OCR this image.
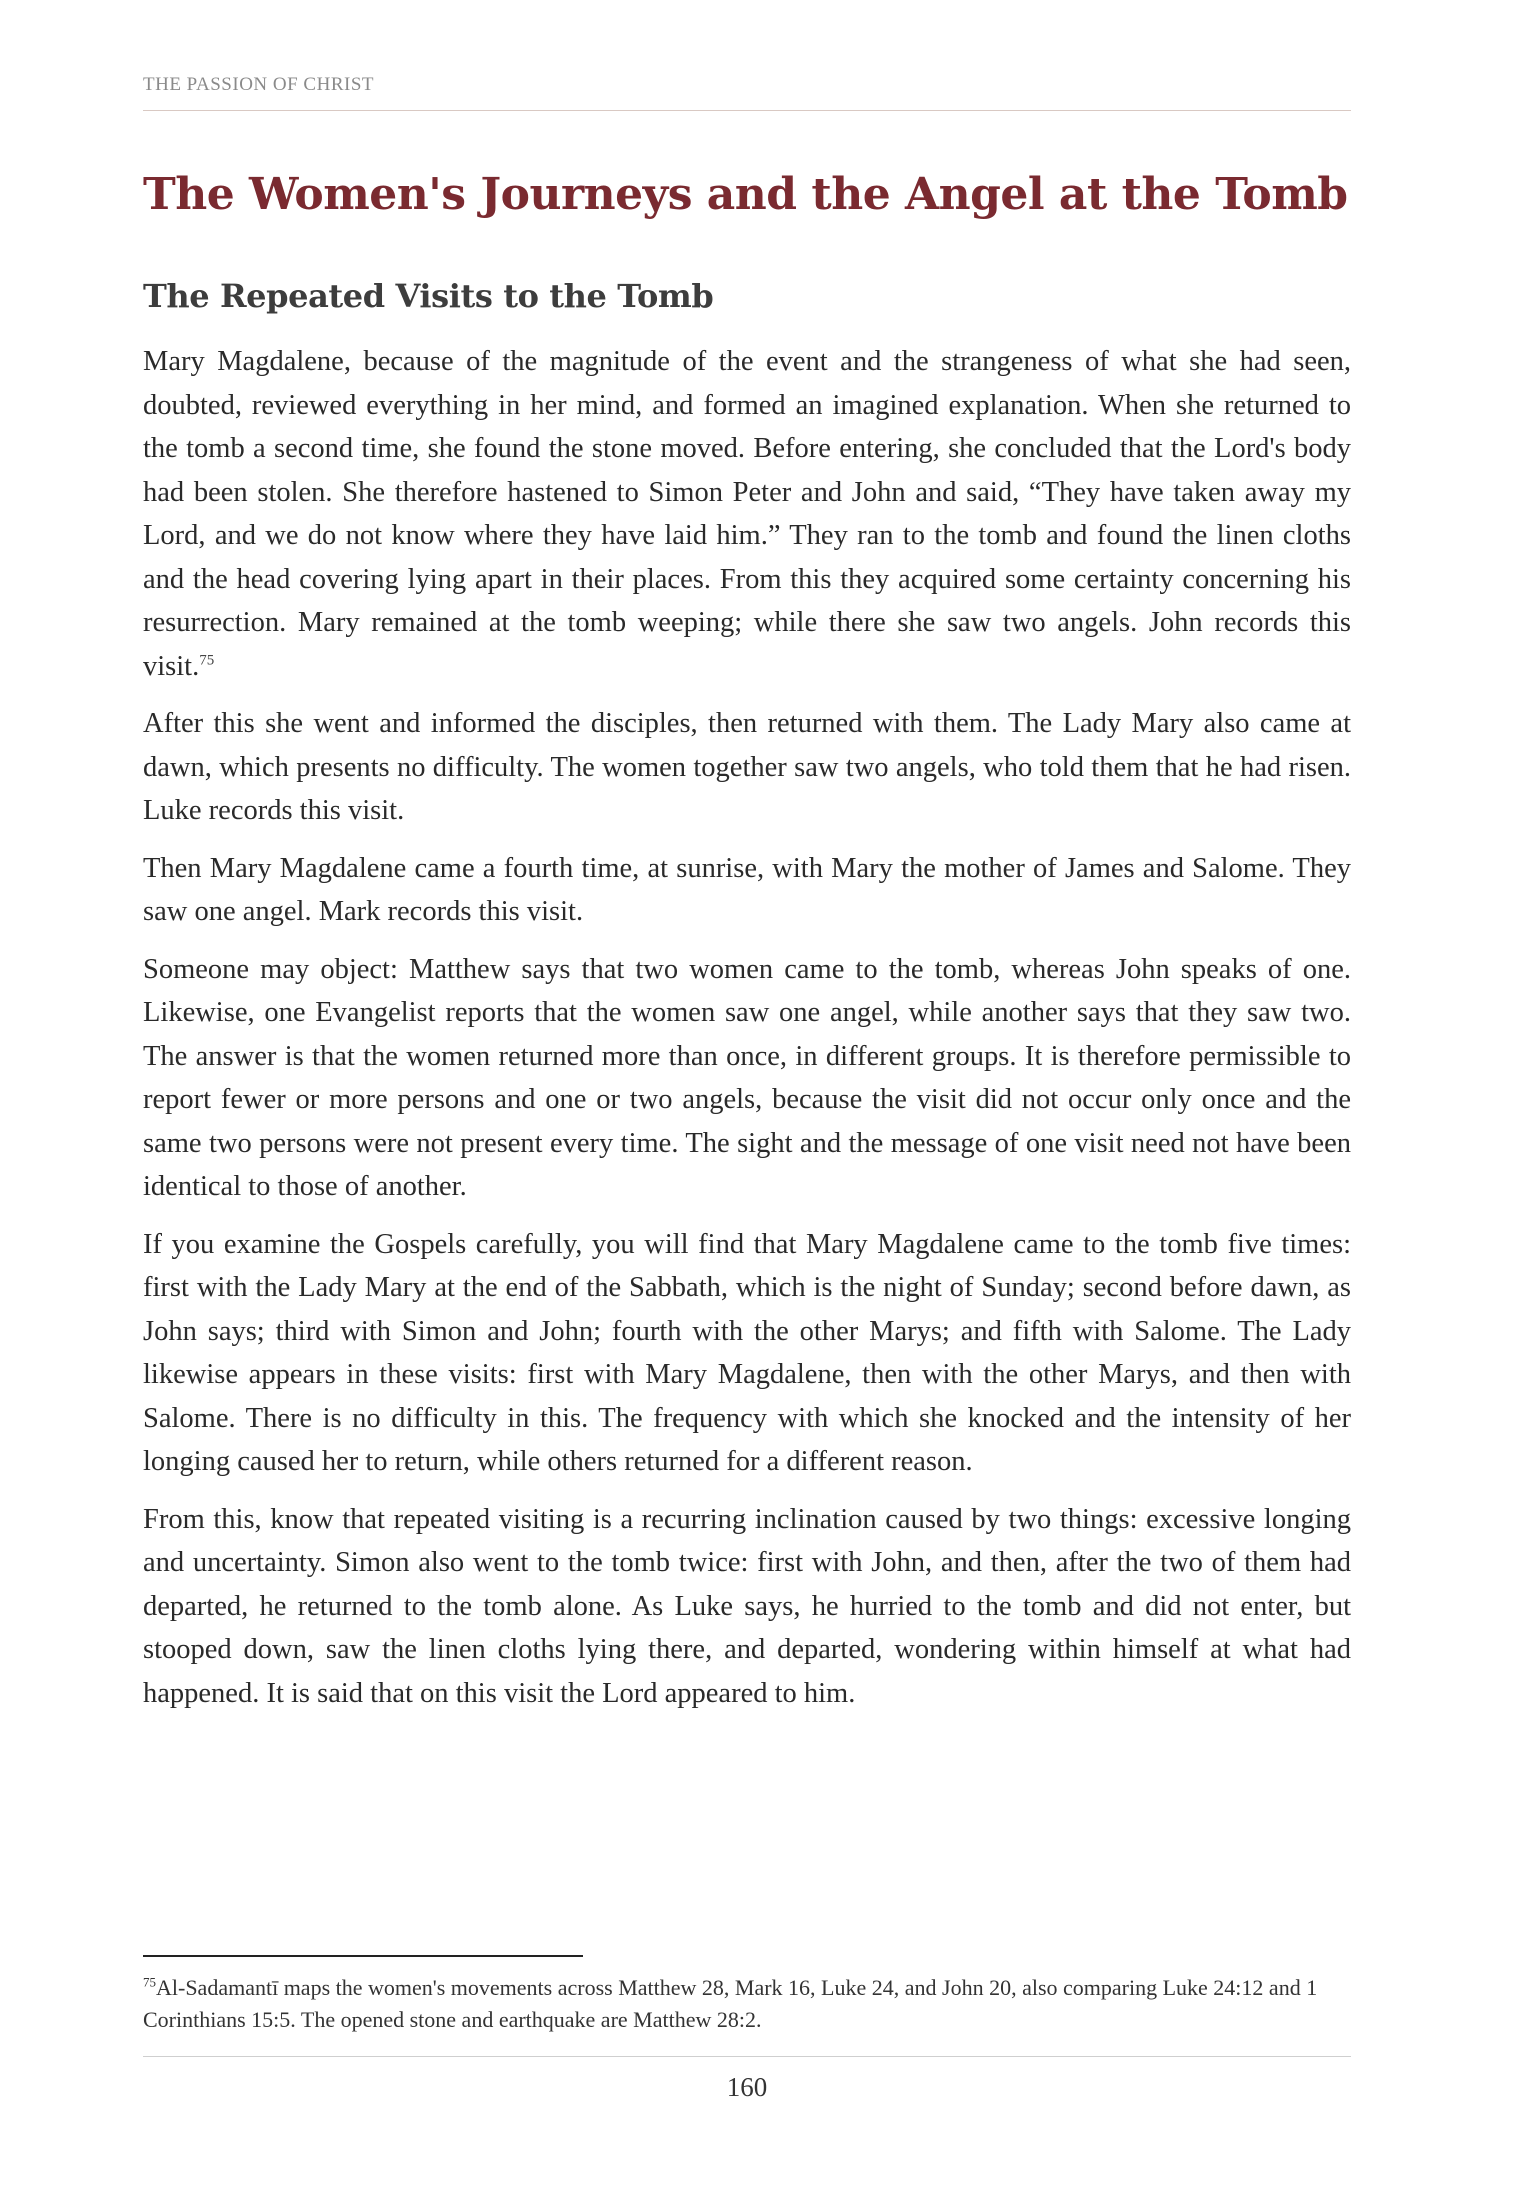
THE PASSION OF CHRIST
The Women's Journeys and the Angel at the Tomb
The Repeated Visits to the Tomb

Mary Magdalene, because of the magnitude of the event and the strangeness of what she had seen, doubted, reviewed everything in her mind, and formed an imagined explanation. When she returned to the tomb a second time, she found the stone moved. Before entering, she concluded that the Lord's body had been stolen. She therefore hastened to Simon Peter and John and said, “They have taken away my Lord, and we do not know where they have laid him.” They ran to the tomb and found the linen cloths and the head covering lying apart in their places. From this they acquired some certainty concerning his resurrection. Mary remained at the tomb weeping; while there she saw two angels. John records this visit.$^{75}$

After this she went and informed the disciples, then returned with them. The Lady Mary also came at dawn, which presents no difficulty. The women together saw two angels, who told them that he had risen. Luke records this visit.

Then Mary Magdalene came a fourth time, at sunrise, with Mary the mother of James and Salome. They saw one angel. Mark records this visit.

Someone may object: Matthew says that two women came to the tomb, whereas John speaks of one. Likewise, one Evangelist reports that the women saw one angel, while another says that they saw two. The answer is that the women returned more than once, in different groups. It is therefore permissible to report fewer or more persons and one or two angels, because the visit did not occur only once and the same two persons were not present every time. The sight and the message of one visit need not have been identical to those of another.

If you examine the Gospels carefully, you will find that Mary Magdalene came to the tomb five times: first with the Lady Mary at the end of the Sabbath, which is the night of Sunday; second before dawn, as John says; third with Simon and John; fourth with the other Marys; and fifth with Salome. The Lady likewise appears in these visits: first with Mary Magdalene, then with the other Marys, and then with Salome. There is no difficulty in this. The frequency with which she knocked and the intensity of her longing caused her to return, while others returned for a different reason.

From this, know that repeated visiting is a recurring inclination caused by two things: excessive longing and uncertainty. Simon also went to the tomb twice: first with John, and then, after the two of them had departed, he returned to the tomb alone. As Luke says, he hurried to the tomb and did not enter, but stooped down, saw the linen cloths lying there, and departed, wondering within himself at what had happened. It is said that on this visit the Lord appeared to him.

$^{75}$Al-Sadamantī maps the women's movements across Matthew 28, Mark 16, Luke 24, and John 20, also comparing Luke 24:12 and 1 Corinthians 15:5. The opened stone and earthquake are Matthew 28:2.
160
